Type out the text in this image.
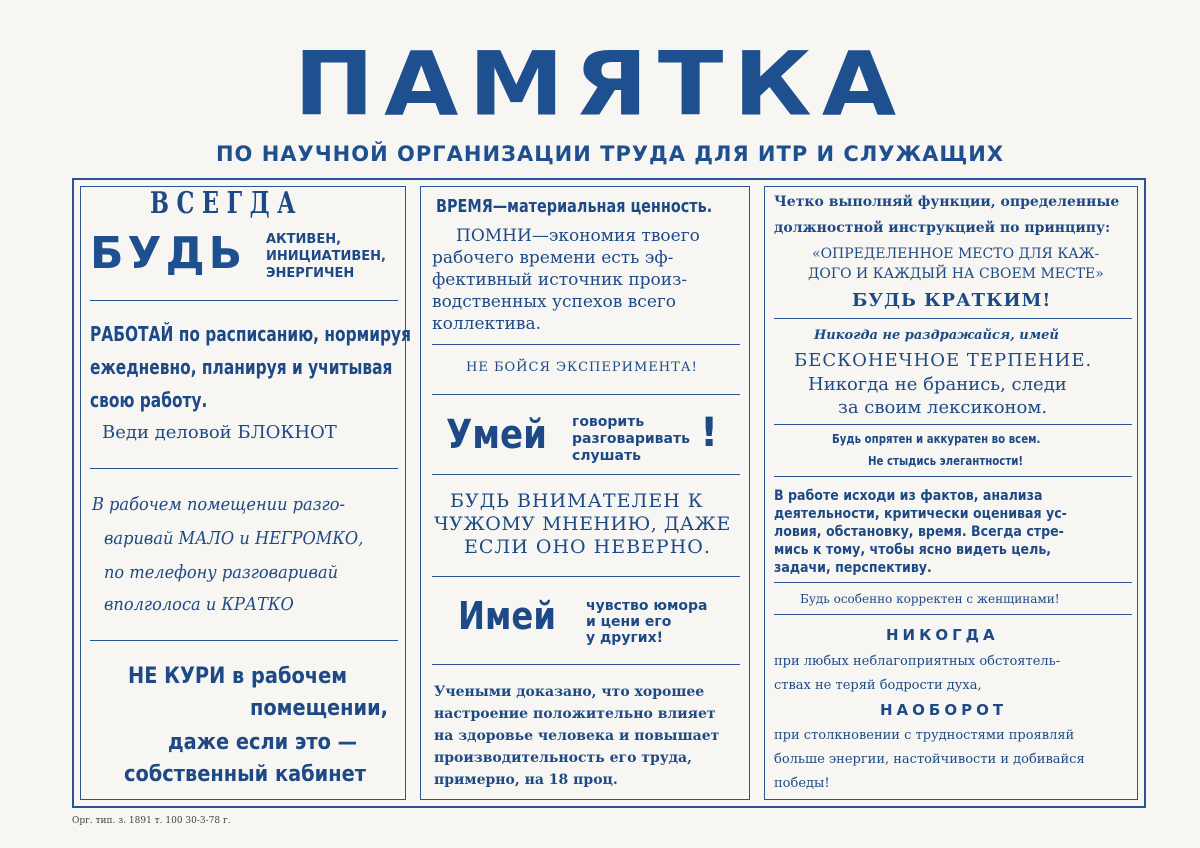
ПАМЯТКА
ПО НАУЧНОЙ ОРГАНИЗАЦИИ ТРУДА ДЛЯ ИТР И СЛУЖАЩИХ
ВСЕГДА
БУДЬ АКТИВЕН,
ИНИЦИАТИВЕН,
ЭНЕРГИЧЕН
РАБОТАЙ по расписанию, нормируя
ежедневно, планируя и учитывая
свою работу.
Веди деловой БЛОКНОТ
В рабочем помещении разго-
варивай МАЛО и НЕГРОМКО,
по телефону разговаривай
вполголоса и КРАТКО
НЕ КУРИ в рабочем
помещении,
даже если это —
собственный кабинет
ВРЕМЯ—материальная ценность.
ПОМНИ—экономия твоего
рабочего времени есть эф-
фективный источник произ-
водственных успехов всего
коллектива.
НЕ БОЙСЯ ЭКСПЕРИМЕНТА!
Умей говорить
разговаривать
слушать !
БУДЬ ВНИМАТЕЛЕН К
ЧУЖОМУ МНЕНИЮ, ДАЖЕ
ЕСЛИ ОНО НЕВЕРНО.
Имей чувство юмора
и цени его
у других!
Учеными доказано, что хорошее
настроение положительно влияет
на здоровье человека и повышает
производительность его труда,
примерно, на 18 проц.
Четко выполняй функции, определенные
должностной инструкцией по принципу:
«ОПРЕДЕЛЕННОЕ МЕСТО ДЛЯ КАЖ-
ДОГО И КАЖДЫЙ НА СВОЕМ МЕСТЕ»
БУДЬ КРАТКИМ!
Никогда не раздражайся, имей
БЕСКОНЕЧНОЕ ТЕРПЕНИЕ.
Никогда не бранись, следи
за своим лексиконом.
Будь опрятен и аккуратен во всем.
Не стыдись элегантности!
В работе исходи из фактов, анализа
деятельности, критически оценивая ус-
ловия, обстановку, время. Всегда стре-
мись к тому, чтобы ясно видеть цель,
задачи, перспективу.
Будь особенно корректен с женщинами!
НИКОГДА
при любых неблагоприятных обстоятель-
ствах не теряй бодрости духа,
НАОБОРОТ
при столкновении с трудностями проявляй
больше энергии, настойчивости и добивайся
победы!
Орг. тип. з. 1891 т. 100 30-3-78 г.
